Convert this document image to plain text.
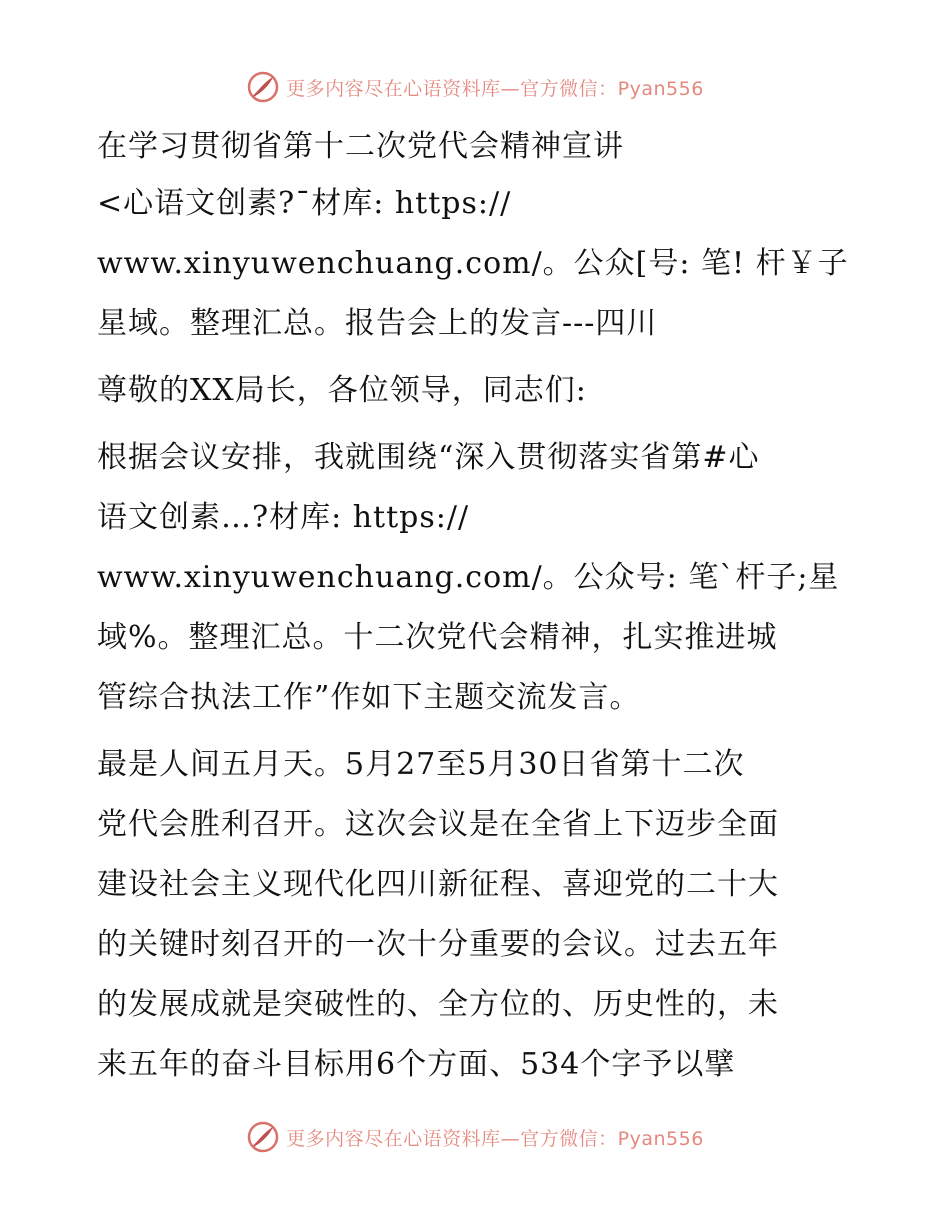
更多内容尽在心语资料库—官方微信：Pyan556
在学习贯彻省第十二次党代会精神宣讲
<心语文创素?¯材库: https://
www.xinyuwenchuang.com/。公众[号: 笔! 杆￥子
星域。整理汇总。报告会上的发言---四川
尊敬的XX局长，各位领导，同志们:
根据会议安排，我就围绕“深入贯彻落实省第#心
语文创素…?材库: https://
www.xinyuwenchuang.com/。公众号: 笔`杆子;星
域%。整理汇总。十二次党代会精神，扎实推进城
管综合执法工作”作如下主题交流发言。
最是人间五月天。5月27至5月30日省第十二次
党代会胜利召开。这次会议是在全省上下迈步全面
建设社会主义现代化四川新征程、喜迎党的二十大
的关键时刻召开的一次十分重要的会议。过去五年
的发展成就是突破性的、全方位的、历史性的，未
来五年的奋斗目标用6个方面、534个字予以擘
更多内容尽在心语资料库—官方微信：Pyan556
